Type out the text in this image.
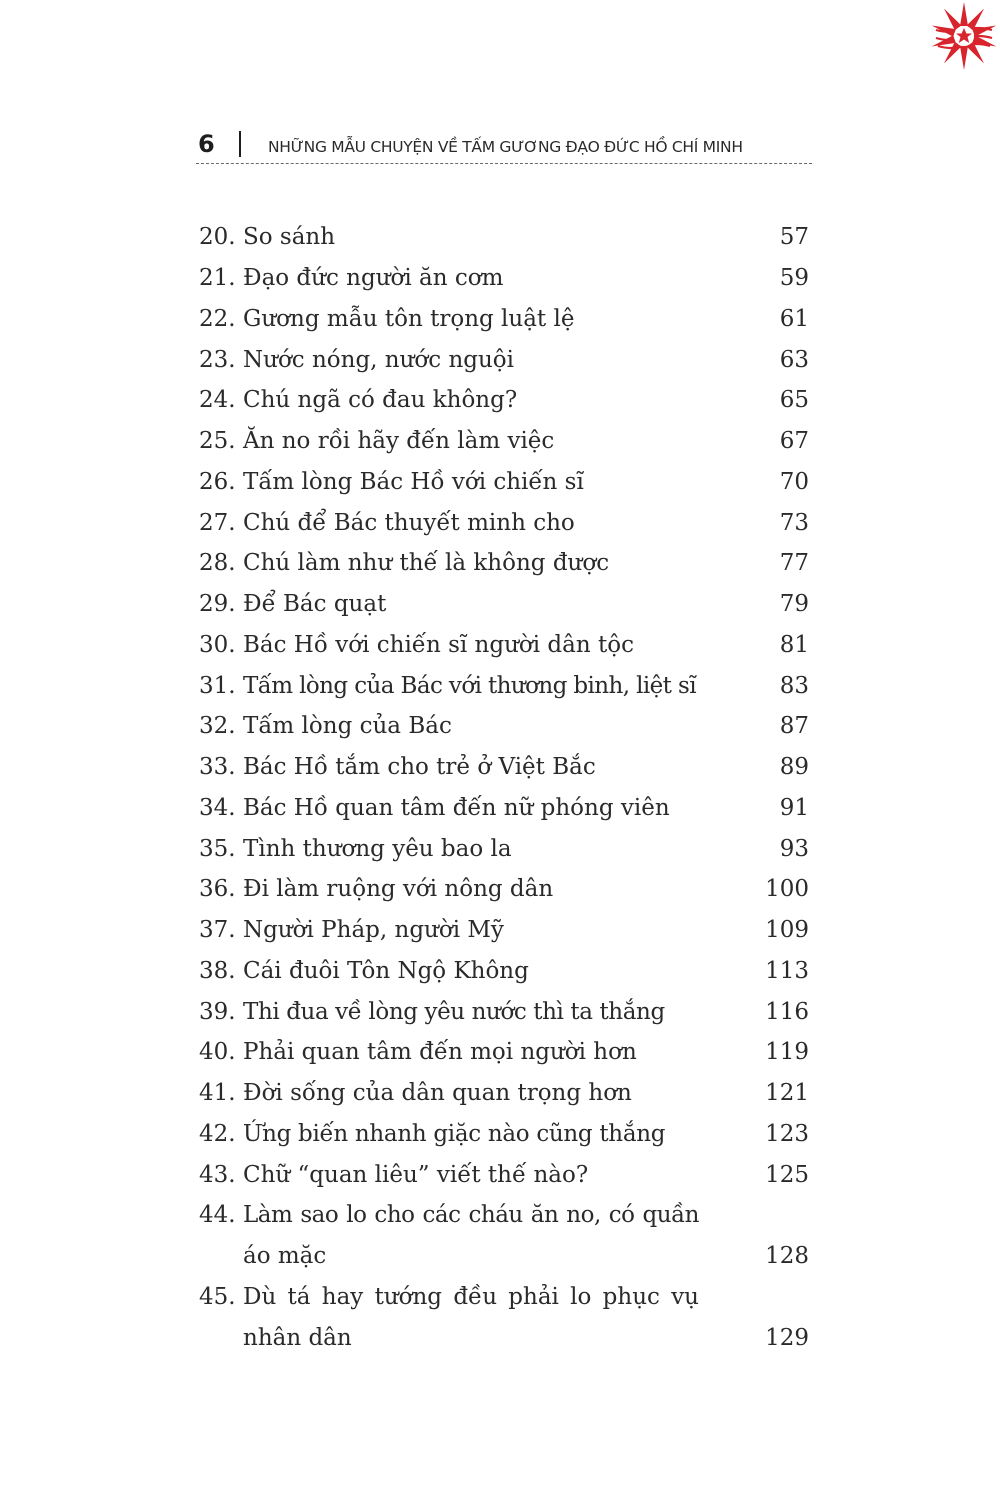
6	NHỮNG MẪU CHUYỆN VỀ TẤM GƯƠNG ĐẠO ĐỨC HỒ CHÍ MINH
20. So sánh	57
21. Đạo đức người ăn cơm	59
22. Gương mẫu tôn trọng luật lệ	61
23. Nước nóng, nước nguội	63
24. Chú ngã có đau không?	65
25. Ăn no rồi hãy đến làm việc	67
26. Tấm lòng Bác Hồ với chiến sĩ	70
27. Chú để Bác thuyết minh cho	73
28. Chú làm như thế là không được	77
29. Để Bác quạt	79
30. Bác Hồ với chiến sĩ người dân tộc	81
31. Tấm lòng của Bác với thương binh, liệt sĩ	83
32. Tấm lòng của Bác	87
33. Bác Hồ tắm cho trẻ ở Việt Bắc	89
34. Bác Hồ quan tâm đến nữ phóng viên	91
35. Tình thương yêu bao la	93
36. Đi làm ruộng với nông dân	100
37. Người Pháp, người Mỹ	109
38. Cái đuôi Tôn Ngộ Không	113
39. Thi đua về lòng yêu nước thì ta thắng	116
40. Phải quan tâm đến mọi người hơn	119
41. Đời sống của dân quan trọng hơn	121
42. Ứng biến nhanh giặc nào cũng thắng	123
43. Chữ “quan liêu” viết thế nào?	125
44. Làm sao lo cho các cháu ăn no, có quần
áo mặc	128
45. Dù tá hay tướng đều phải lo phục vụ
nhân dân	129
